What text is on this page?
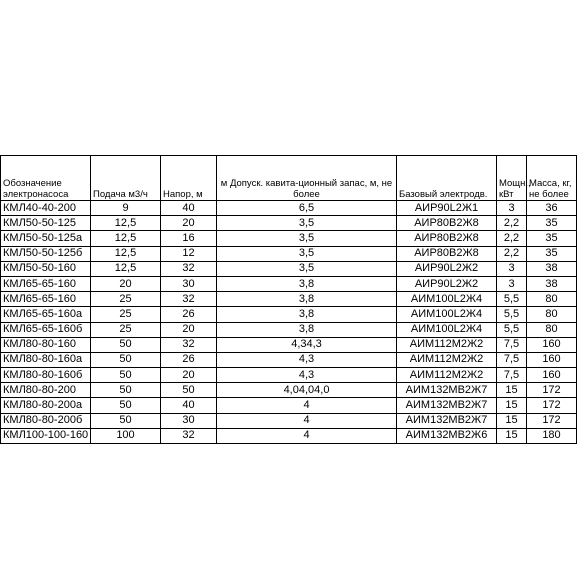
Обозначение электронасоса	Подача м3/ч	Напор, м	м Допуск. кавита-ционный запас, м, не более	Базовый электродв.	Мощн., кВт	Масса, кг, не более
КМЛ40-40-200	9	40	6,5	АИР90L2Ж1	3	36
КМЛ50-50-125	12,5	20	3,5	АИР80В2Ж8	2,2	35
КМЛ50-50-125а	12,5	16	3,5	АИР80В2Ж8	2,2	35
КМЛ50-50-125б	12,5	12	3,5	АИР80В2Ж8	2,2	35
КМЛ50-50-160	12,5	32	3,5	АИР90L2Ж2	3	38
КМЛ65-65-160	20	30	3,8	АИР90L2Ж2	3	38
КМЛ65-65-160	25	32	3,8	АИМ100L2Ж4	5,5	80
КМЛ65-65-160а	25	26	3,8	АИМ100L2Ж4	5,5	80
КМЛ65-65-160б	25	20	3,8	АИМ100L2Ж4	5,5	80
КМЛ80-80-160	50	32	4,34,3	АИМ112М2Ж2	7,5	160
КМЛ80-80-160а	50	26	4,3	АИМ112М2Ж2	7,5	160
КМЛ80-80-160б	50	20	4,3	АИМ112М2Ж2	7,5	160
КМЛ80-80-200	50	50	4,04,04,0	АИМ132МВ2Ж7	15	172
КМЛ80-80-200а	50	40	4	АИМ132МВ2Ж7	15	172
КМЛ80-80-200б	50	30	4	АИМ132МВ2Ж7	15	172
КМЛ100-100-160	100	32	4	АИМ132МВ2Ж6	15	180
